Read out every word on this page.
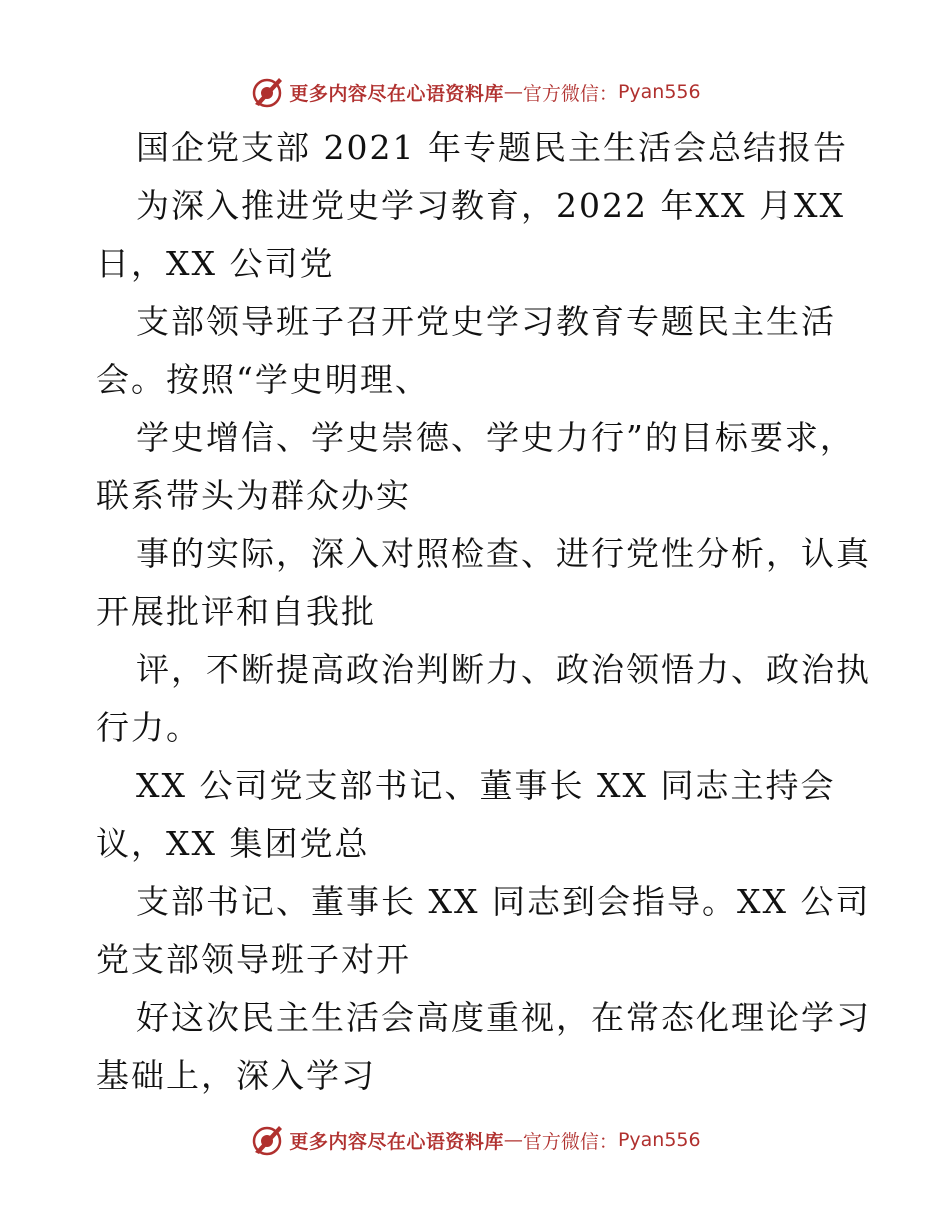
更多内容尽在心语资料库 — 官方微信： Pyan556
国企党支部 2021 年专题民主生活会总结报告
为深入推进党史学习教育，2022 年XX 月XX
日，XX 公司党
支部领导班子召开党史学习教育专题民主生活
会。按照“学史明理、
学史增信、学史崇德、学史力行”的目标要求，
联系带头为群众办实
事的实际，深入对照检查、进行党性分析，认真
开展批评和自我批
评，不断提高政治判断力、政治领悟力、政治执
行力。
XX 公司党支部书记、董事长 XX 同志主持会
议，XX 集团党总
支部书记、董事长 XX 同志到会指导。XX 公司
党支部领导班子对开
好这次民主生活会高度重视，在常态化理论学习
基础上，深入学习
更多内容尽在心语资料库 — 官方微信： Pyan556
